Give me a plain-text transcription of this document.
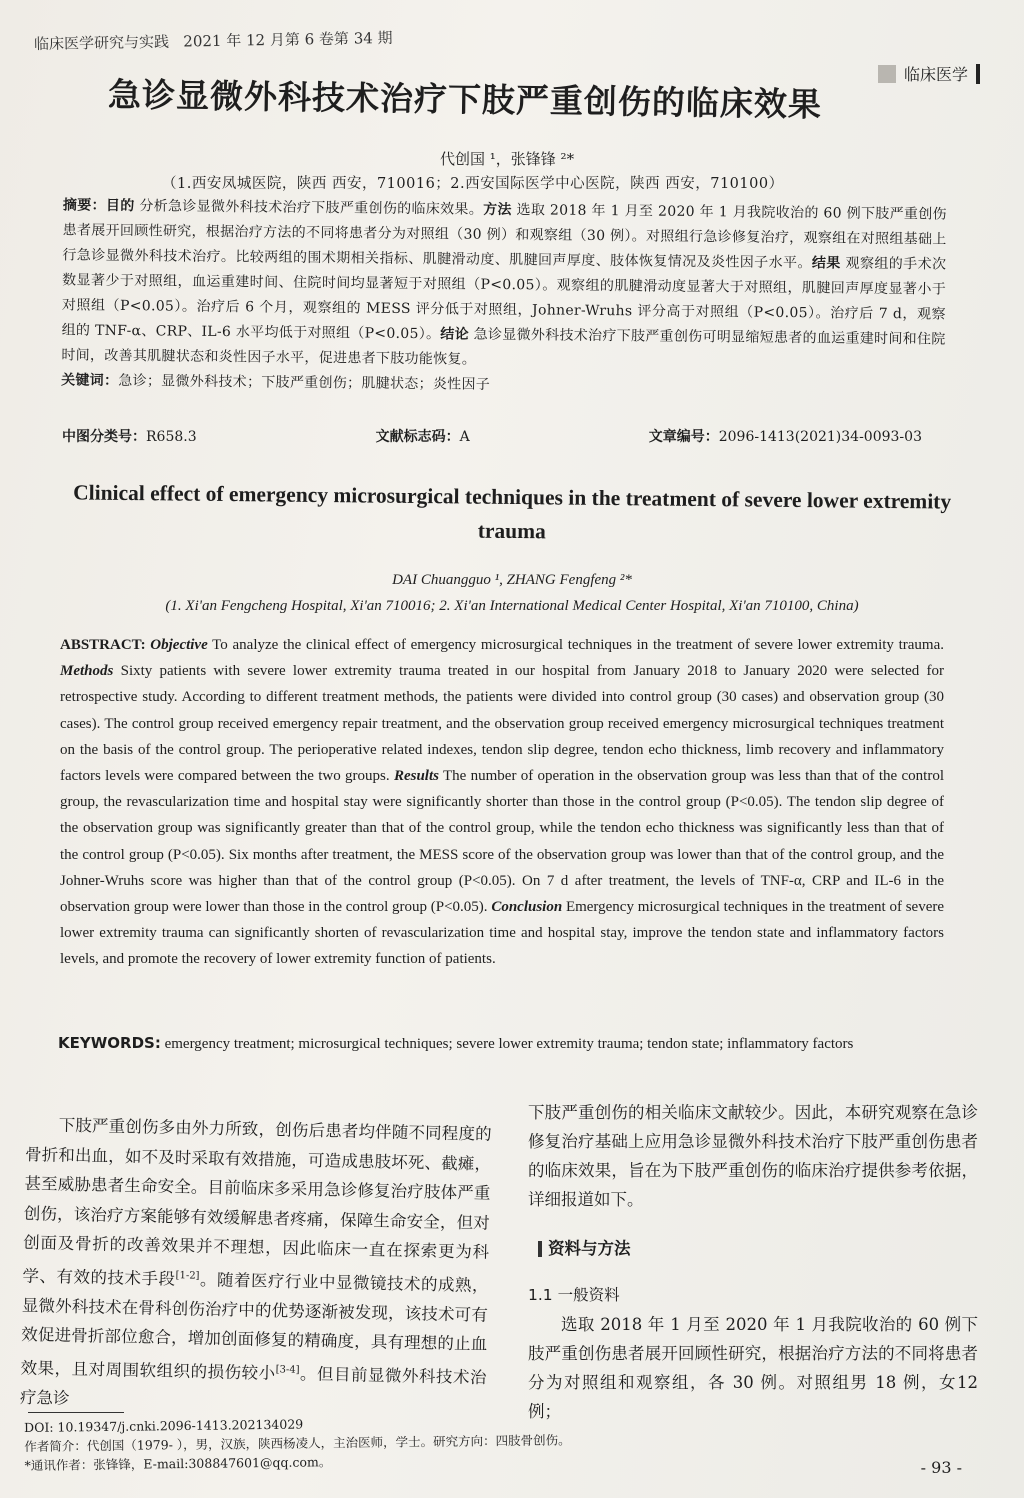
临床医学研究与实践 2021 年 12 月第 6 卷第 34 期
临床医学
急诊显微外科技术治疗下肢严重创伤的临床效果
代创国 ¹，张锋锋 ²*
（1.西安凤城医院，陕西 西安，710016；2.西安国际医学中心医院，陕西 西安，710100）
摘要：目的 分析急诊显微外科技术治疗下肢严重创伤的临床效果。方法 选取 2018 年 1 月至 2020 年 1 月我院收治的 60 例下肢严重创伤患者展开回顾性研究，根据治疗方法的不同将患者分为对照组（30 例）和观察组（30 例）。对照组行急诊修复治疗，观察组在对照组基础上行急诊显微外科技术治疗。比较两组的围术期相关指标、肌腱滑动度、肌腱回声厚度、肢体恢复情况及炎性因子水平。结果 观察组的手术次数显著少于对照组，血运重建时间、住院时间均显著短于对照组（P<0.05）。观察组的肌腱滑动度显著大于对照组，肌腱回声厚度显著小于对照组（P<0.05）。治疗后 6 个月，观察组的 MESS 评分低于对照组，Johner-Wruhs 评分高于对照组（P<0.05）。治疗后 7 d，观察组的 TNF-α、CRP、IL-6 水平均低于对照组（P<0.05）。结论 急诊显微外科技术治疗下肢严重创伤可明显缩短患者的血运重建时间和住院时间，改善其肌腱状态和炎性因子水平，促进患者下肢功能恢复。
关键词：急诊；显微外科技术；下肢严重创伤；肌腱状态；炎性因子
中图分类号：R658.3	文献标志码：A	文章编号：2096-1413(2021)34-0093-03
Clinical effect of emergency microsurgical techniques in the treatment of severe lower extremity trauma
DAI Chuangguo ¹, ZHANG Fengfeng ²*
(1. Xi'an Fengcheng Hospital, Xi'an 710016; 2. Xi'an International Medical Center Hospital, Xi'an 710100, China)
ABSTRACT: Objective To analyze the clinical effect of emergency microsurgical techniques in the treatment of severe lower extremity trauma. Methods Sixty patients with severe lower extremity trauma treated in our hospital from January 2018 to January 2020 were selected for retrospective study. According to different treatment methods, the patients were divided into control group (30 cases) and observation group (30 cases). The control group received emergency repair treatment, and the observation group received emergency microsurgical techniques treatment on the basis of the control group. The perioperative related indexes, tendon slip degree, tendon echo thickness, limb recovery and inflammatory factors levels were compared between the two groups. Results The number of operation in the observation group was less than that of the control group, the revascularization time and hospital stay were significantly shorter than those in the control group (P<0.05). The tendon slip degree of the observation group was significantly greater than that of the control group, while the tendon echo thickness was significantly less than that of the control group (P<0.05). Six months after treatment, the MESS score of the observation group was lower than that of the control group, and the Johner-Wruhs score was higher than that of the control group (P<0.05). On 7 d after treatment, the levels of TNF-α, CRP and IL-6 in the observation group were lower than those in the control group (P<0.05). Conclusion Emergency microsurgical techniques in the treatment of severe lower extremity trauma can significantly shorten of revascularization time and hospital stay, improve the tendon state and inflammatory factors levels, and promote the recovery of lower extremity function of patients.
KEYWORDS: emergency treatment; microsurgical techniques; severe lower extremity trauma; tendon state; inflammatory factors

下肢严重创伤多由外力所致，创伤后患者均伴随不同程度的骨折和出血，如不及时采取有效措施，可造成患肢坏死、截瘫，甚至威胁患者生命安全。目前临床多采用急诊修复治疗肢体严重创伤，该治疗方案能够有效缓解患者疼痛，保障生命安全，但对创面及骨折的改善效果并不理想，因此临床一直在探索更为科学、有效的技术手段[1-2]。随着医疗行业中显微镜技术的成熟，显微外科技术在骨科创伤治疗中的优势逐渐被发现，该技术可有效促进骨折部位愈合，增加创面修复的精确度，具有理想的止血效果，且对周围软组织的损伤较小[3-4]。但目前显微外科技术治疗急诊

下肢严重创伤的相关临床文献较少。因此，本研究观察在急诊修复治疗基础上应用急诊显微外科技术治疗下肢严重创伤患者的临床效果，旨在为下肢严重创伤的临床治疗提供参考依据，详细报道如下。

资料与方法
1.1 一般资料

选取 2018 年 1 月至 2020 年 1 月我院收治的 60 例下肢严重创伤患者展开回顾性研究，根据治疗方法的不同将患者分为对照组和观察组，各 30 例。对照组男 18 例，女12 例；

DOI: 10.19347/j.cnki.2096-1413.202134029
作者简介：代创国（1979- ），男，汉族，陕西杨凌人，主治医师，学士。研究方向：四肢骨创伤。
*通讯作者：张锋锋，E-mail:308847601@qq.com。	- 93 -
